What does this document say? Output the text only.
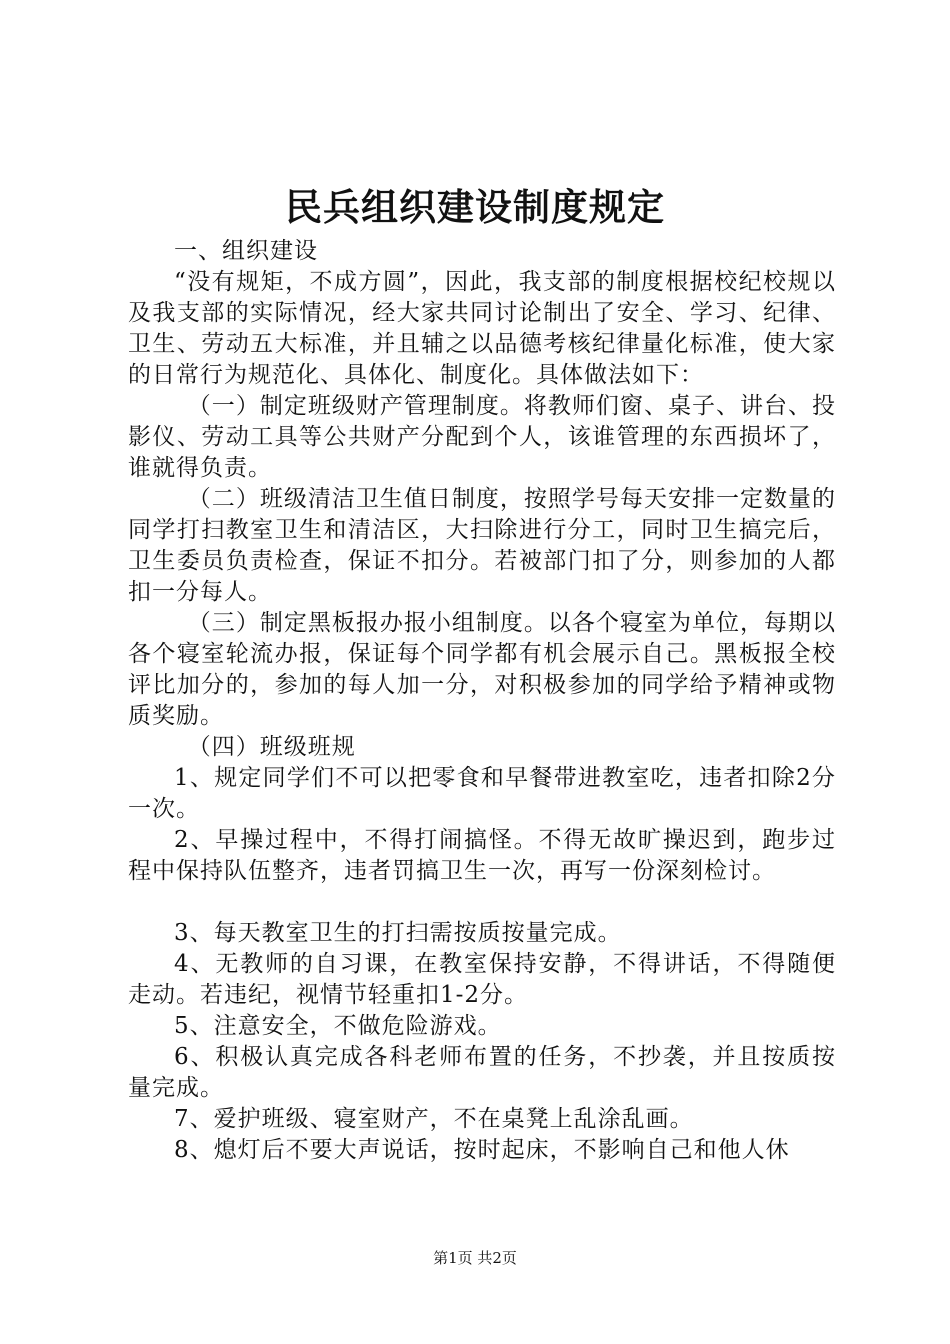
民兵组织建设制度规定

一、组织建设

“没有规矩，不成方圆”，因此，我支部的制度根据校纪校规以及我支部的实际情况，经大家共同讨论制出了安全、学习、纪律、卫生、劳动五大标准，并且辅之以品德考核纪律量化标准，使大家的日常行为规范化、具体化、制度化。具体做法如下：

（一）制定班级财产管理制度。将教师们窗、桌子、讲台、投影仪、劳动工具等公共财产分配到个人，该谁管理的东西损坏了，谁就得负责。

（二）班级清洁卫生值日制度，按照学号每天安排一定数量的同学打扫教室卫生和清洁区，大扫除进行分工，同时卫生搞完后，卫生委员负责检查，保证不扣分。若被部门扣了分，则参加的人都扣一分每人。

（三）制定黑板报办报小组制度。以各个寝室为单位，每期以各个寝室轮流办报，保证每个同学都有机会展示自己。黑板报全校评比加分的，参加的每人加一分，对积极参加的同学给予精神或物质奖励。

（四）班级班规

1、规定同学们不可以把零食和早餐带进教室吃，违者扣除2分一次。

2、早操过程中，不得打闹搞怪。不得无故旷操迟到，跑步过程中保持队伍整齐，违者罚搞卫生一次，再写一份深刻检讨。

3、每天教室卫生的打扫需按质按量完成。

4、无教师的自习课，在教室保持安静，不得讲话，不得随便走动。若违纪，视情节轻重扣1-2分。

5、注意安全，不做危险游戏。

6、积极认真完成各科老师布置的任务，不抄袭，并且按质按量完成。

7、爱护班级、寝室财产，不在桌凳上乱涂乱画。

8、熄灯后不要大声说话，按时起床，不影响自己和他人休

第1页 共2页
